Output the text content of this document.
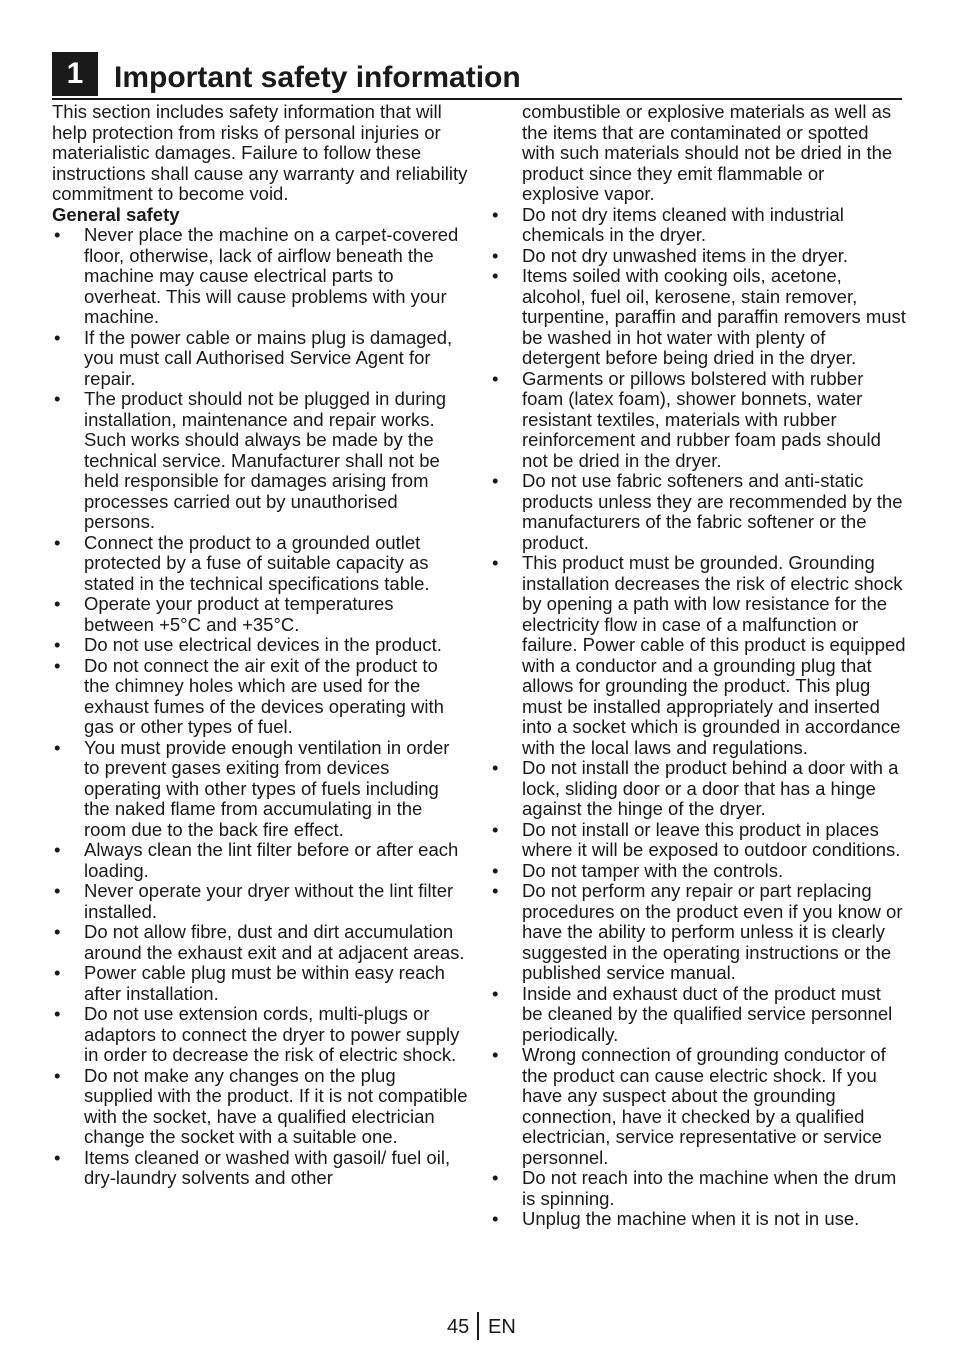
1	Important safety information

This section includes safety information that will help protection from risks of personal injuries or materialistic damages. Failure to follow these instructions shall cause any warranty and reliability commitment to become void.

General safety

• Never place the machine on a carpet-covered floor, otherwise, lack of airflow beneath the machine may cause electrical parts to overheat. This will cause problems with your machine.
• If the power cable or mains plug is damaged, you must call Authorised Service Agent for repair.
• The product should not be plugged in during installation, maintenance and repair works. Such works should always be made by the technical service. Manufacturer shall not be held responsible for damages arising from processes carried out by unauthorised persons.
• Connect the product to a grounded outlet protected by a fuse of suitable capacity as stated in the technical specifications table.
• Operate your product at temperatures between +5°C and +35°C.
• Do not use electrical devices in the product.
• Do not connect the air exit of the product to the chimney holes which are used for the exhaust fumes of the devices operating with gas or other types of fuel.
• You must provide enough ventilation in order to prevent gases exiting from devices operating with other types of fuels including the naked flame from accumulating in the room due to the back fire effect.
• Always clean the lint filter before or after each loading.
• Never operate your dryer without the lint filter installed.
• Do not allow fibre, dust and dirt accumulation around the exhaust exit and at adjacent areas.
• Power cable plug must be within easy reach after installation.
• Do not use extension cords, multi-plugs or adaptors to connect the dryer to power supply in order to decrease the risk of electric shock.
• Do not make any changes on the plug supplied with the product. If it is not compatible with the socket, have a qualified electrician change the socket with a suitable one.
• Items cleaned or washed with gasoil/ fuel oil, dry-laundry solvents and other

combustible or explosive materials as well as the items that are contaminated or spotted with such materials should not be dried in the product since they emit flammable or explosive vapor.

• Do not dry items cleaned with industrial chemicals in the dryer.
• Do not dry unwashed items in the dryer.
• Items soiled with cooking oils, acetone, alcohol, fuel oil, kerosene, stain remover, turpentine, paraffin and paraffin removers must be washed in hot water with plenty of detergent before being dried in the dryer.
• Garments or pillows bolstered with rubber foam (latex foam), shower bonnets, water resistant textiles, materials with rubber reinforcement and rubber foam pads should not be dried in the dryer.
• Do not use fabric softeners and anti-static products unless they are recommended by the manufacturers of the fabric softener or the product.
• This product must be grounded. Grounding installation decreases the risk of electric shock by opening a path with low resistance for the electricity flow in case of a malfunction or failure. Power cable of this product is equipped with a conductor and a grounding plug that allows for grounding the product. This plug must be installed appropriately and inserted into a socket which is grounded in accordance with the local laws and regulations.
• Do not install the product behind a door with a lock, sliding door or a door that has a hinge against the hinge of the dryer.
• Do not install or leave this product in places where it will be exposed to outdoor conditions.
• Do not tamper with the controls.
• Do not perform any repair or part replacing procedures on the product even if you know or have the ability to perform unless it is clearly suggested in the operating instructions or the published service manual.
• Inside and exhaust duct of the product must be cleaned by the qualified service personnel periodically.
• Wrong connection of grounding conductor of the product can cause electric shock. If you have any suspect about the grounding connection, have it checked by a qualified electrician, service representative or service personnel.
• Do not reach into the machine when the drum is spinning.
• Unplug the machine when it is not in use.
45 EN
